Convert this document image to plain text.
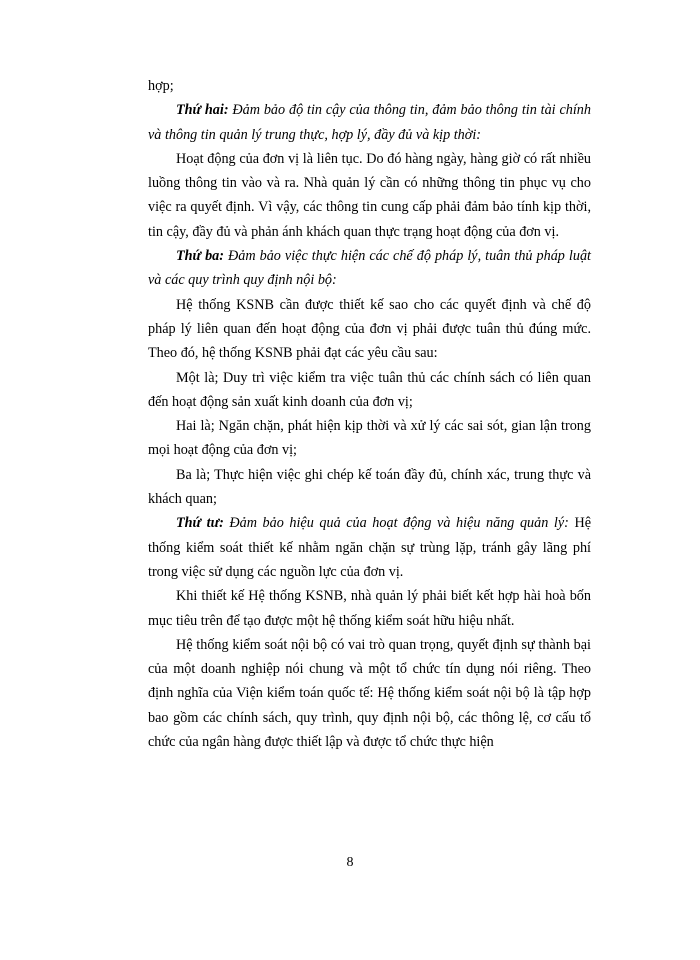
hợp;

Thứ hai: Đảm bảo độ tin cậy của thông tin, đảm bảo thông tin tài chính và thông tin quản lý trung thực, hợp lý, đầy đủ và kịp thời:

Hoạt động của đơn vị là liên tục. Do đó hàng ngày, hàng giờ có rất nhiều luồng thông tin vào và ra. Nhà quản lý cần có những thông tin phục vụ cho việc ra quyết định. Vì vậy, các thông tin cung cấp phải đảm bảo tính kịp thời, tin cậy, đầy đủ và phản ánh khách quan thực trạng hoạt động của đơn vị.

Thứ ba: Đảm bảo việc thực hiện các chế độ pháp lý, tuân thủ pháp luật và các quy trình quy định nội bộ:

Hệ thống KSNB cần được thiết kế sao cho các quyết định và chế độ pháp lý liên quan đến hoạt động của đơn vị phải được tuân thủ đúng mức. Theo đó, hệ thống KSNB phải đạt các yêu cầu sau:

Một là; Duy trì việc kiểm tra việc tuân thủ các chính sách có liên quan đến hoạt động sản xuất kinh doanh của đơn vị;

Hai là; Ngăn chặn, phát hiện kịp thời và xử lý các sai sót, gian lận trong mọi hoạt động của đơn vị;

Ba là; Thực hiện việc ghi chép kế toán đầy đủ, chính xác, trung thực và khách quan;

Thứ tư: Đảm bảo hiệu quả của hoạt động và hiệu năng quản lý: Hệ thống kiểm soát thiết kế nhằm ngăn chặn sự trùng lặp, tránh gây lãng phí trong việc sử dụng các nguồn lực của đơn vị.

Khi thiết kế Hệ thống KSNB, nhà quản lý phải biết kết hợp hài hoà bốn mục tiêu trên để tạo được một hệ thống kiểm soát hữu hiệu nhất.

Hệ thống kiểm soát nội bộ có vai trò quan trọng, quyết định sự thành bại của một doanh nghiệp nói chung và một tổ chức tín dụng nói riêng. Theo định nghĩa của Viện kiểm toán quốc tế: Hệ thống kiểm soát nội bộ là tập hợp bao gồm các chính sách, quy trình, quy định nội bộ, các thông lệ, cơ cấu tổ chức của ngân hàng được thiết lập và được tổ chức thực hiện

8
